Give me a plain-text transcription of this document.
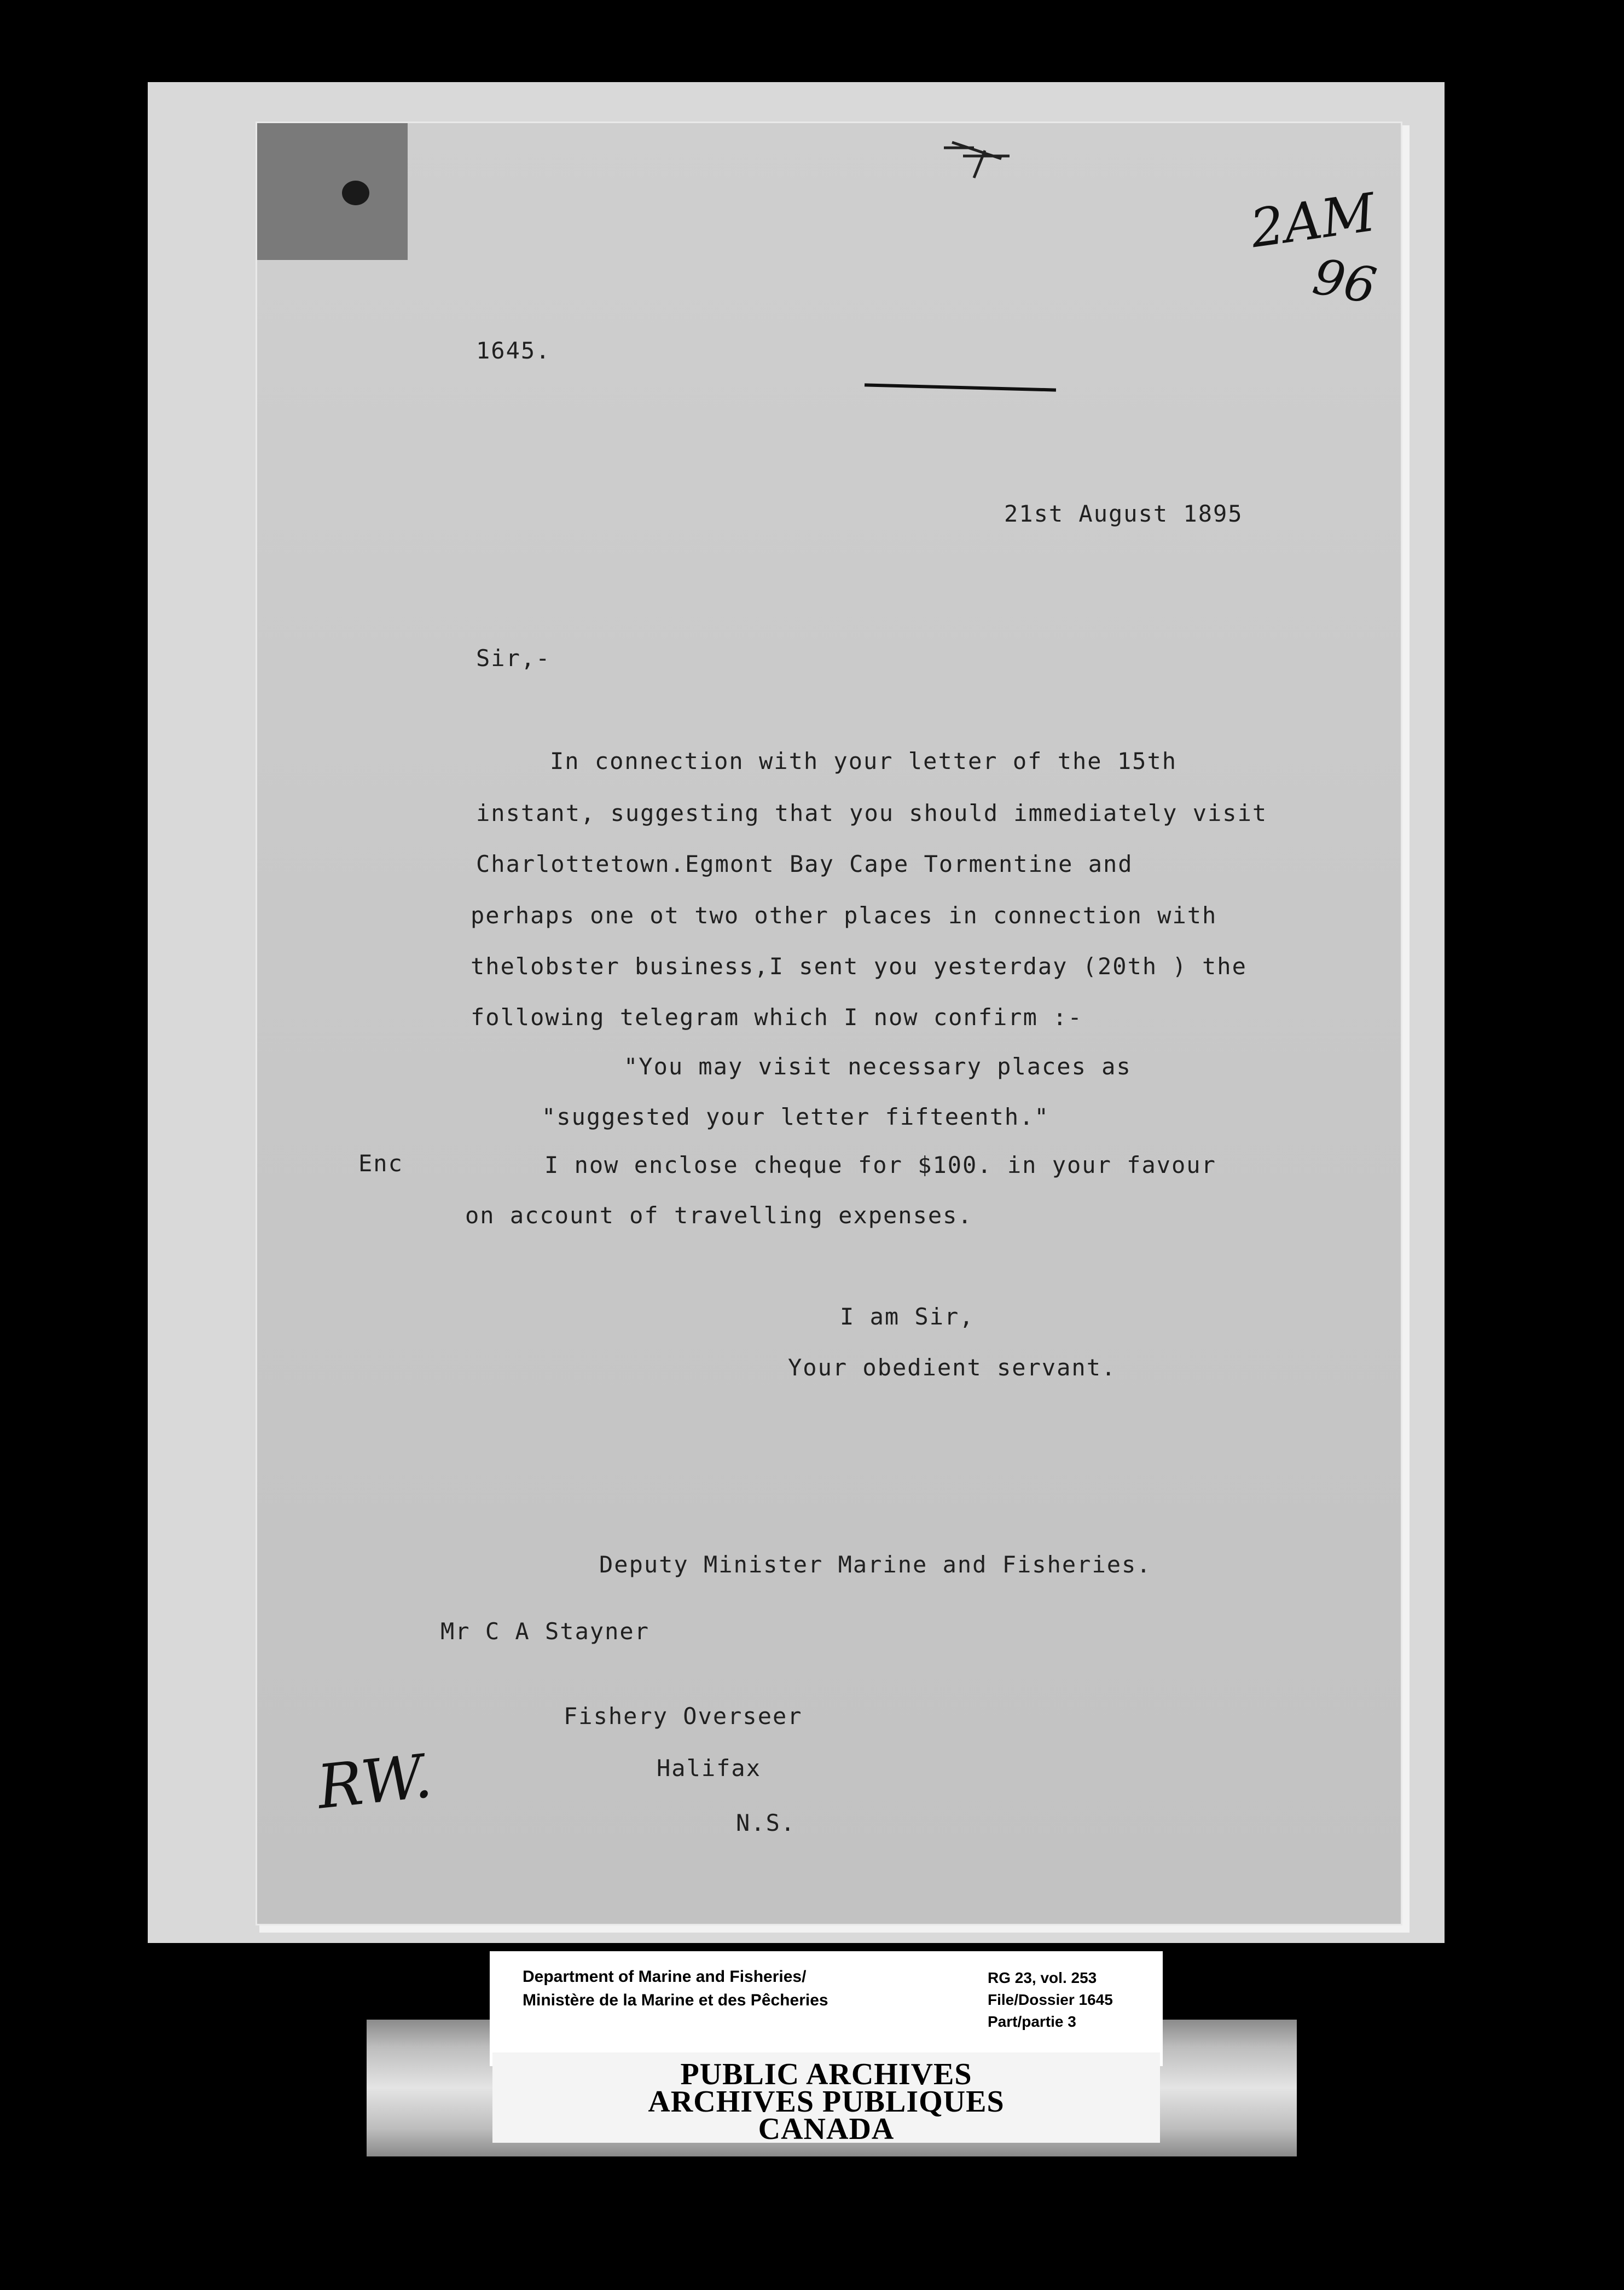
2AM
96
1645.
21st August 1895
Sir,-
In connection with your letter of the 15th
instant, suggesting that you should immediately visit
Charlottetown.Egmont Bay Cape Tormentine and
perhaps one ot two other places in connection with
thelobster business,I sent you yesterday (20th ) the
following telegram which I now confirm :-
"You may visit necessary places as
"suggested your letter fifteenth."
Enc	I now enclose cheque for $100. in your favour
on account of travelling expenses.
I am Sir,
Your obedient servant.
Deputy Minister Marine and Fisheries.
Mr C A Stayner
Fishery Overseer
Halifax
N.S.
RW.
Department of Marine and Fisheries/
Ministère de la Marine et des Pêcheries
RG 23, vol. 253
File/Dossier 1645
Part/partie 3
PUBLIC ARCHIVES
ARCHIVES PUBLIQUES
CANADA
